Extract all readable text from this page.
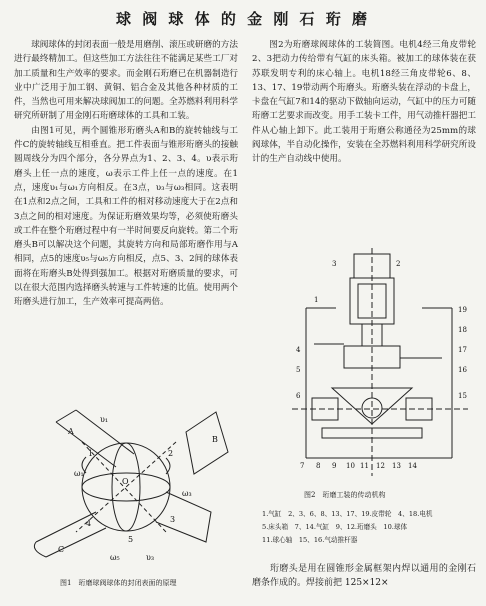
球 阀 球 体 的 金 刚 石 珩 磨

球阀球体的封闭表面一般是用磨削、滚压或研磨的方法进行最终精加工。但这些加工方法往往不能满足某些工厂对加工质量和生产效率的要求。而金刚石珩磨已在机器制造行业中广泛用于加工钢、黄铜、铝合金及其他各种材质的工件，当然也可用来解决球阀加工的问题。全苏燃料利用科学研究所研制了用金刚石珩磨球体的工具和工装。

由图1可见，两个圆锥形珩磨头A和B的旋转轴线与工件C的旋转轴线互相垂直。把工件表面与锥形珩磨头的接触圆周线分为四个部分，各分界点为1、2、3、4。υ表示珩磨头上任一点的速度，ω表示工件上任一点的速度。在1点，速度υ₁与ω₁方向相反。在3点，υ₃与ω₃相同。这表明在1点和2点之间，工具和工件的相对移动速度大于在2点和3点之间的相对速度。为保证珩磨效果均等，必须使珩磨头或工件在整个珩磨过程中有一半时间要反向旋转。第二个珩磨头B可以解决这个问题，其旋转方向和局部珩磨作用与A相同，点5的速度υ₅与ω₅方向相反，点5、3、2间的球体表面将在珩磨头B处得到强加工。根据对珩磨质量的要求，可以在很大范围内选择磨头转速与工件转速的比值。使用两个珩磨头进行加工，生产效率可提高两倍。

图2为珩磨球阀球体的工装简图。电机4经三角皮带轮2、3把动力传给带有气缸的床头箱。被加工的球体装在获苏联发明专利的床心轴上。电机18经三角皮带轮6、8、13、17、19带动两个珩磨头。珩磨头装在浮动的卡盘上，卡盘在气缸7和14的驱动下做轴向运动，气缸中的压力可随珩磨工艺要求而改变。用手工装卡工件，用气动推杆器把工件从心轴上卸下。此工装用于珩磨公称通径为25mm的球阀球体，半自动化操作，安装在全苏燃料利用科学研究所设计的生产自动线中使用。

A
B
C
O
1	2
3
4
5
υ₁
υ₃
ω₁
ω₃
ω₅
图1　珩磨球阀球体的封闭表面的原理
1
2
3
4
5
6
7 8 9 10 11 12 13 14
15
16
17
18
19
图2　珩磨工装的传动机构
1.气缸　2、3、6、8、13、17、19.皮带轮　4、18.电机
5.床头箱　7、14.气缸　9、12.珩磨头　10.球体
11.球心轴　15、16.气动推杆器

珩磨头是用在圆锥形金属框架内焊以通用的金刚石磨条作成的。焊接前把 125×12×
